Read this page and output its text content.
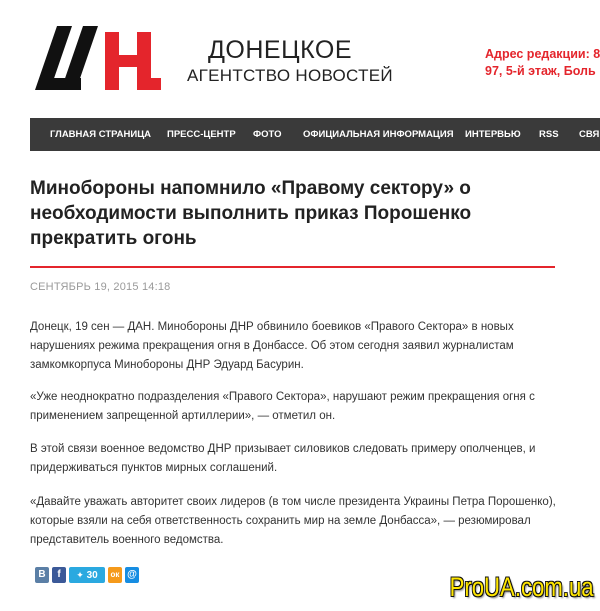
ДОНЕЦКОЕ
АГЕНТСТВО НОВОСТЕЙ
Адрес редакции: 8
97, 5-й этаж, Боль
ГЛАВНАЯ СТРАНИЦА ПРЕСС-ЦЕНТР ФОТО ОФИЦИАЛЬНАЯ ИНФОРМАЦИЯ ИНТЕРВЬЮ RSS СВЯ
Минобороны напомнило «Правому сектору» о необходимости выполнить приказ Порошенко прекратить огонь
СЕНТЯБРЬ 19, 2015 14:18

Донецк, 19 сен — ДАН. Минобороны ДНР обвинило боевиков «Правого Сектора» в новых нарушениях режима прекращения огня в Донбассе. Об этом сегодня заявил журналистам замкомкорпуса Минобороны ДНР Эдуард Басурин.

«Уже неоднократно подразделения «Правого Сектора», нарушают режим прекращения огня с применением запрещенной артиллерии», — отметил он.

В этой связи военное ведомство ДНР призывает силовиков следовать примеру ополченцев, и придерживаться пунктов мирных соглашений.

«Давайте уважать авторитет своих лидеров (в том числе президента Украины Петра Порошенко), которые взяли на себя ответственность сохранить мир на земле Донбасса», — резюмировал представитель военного ведомства.

В	f	✦ 30	ок @	ProUA.com.ua
